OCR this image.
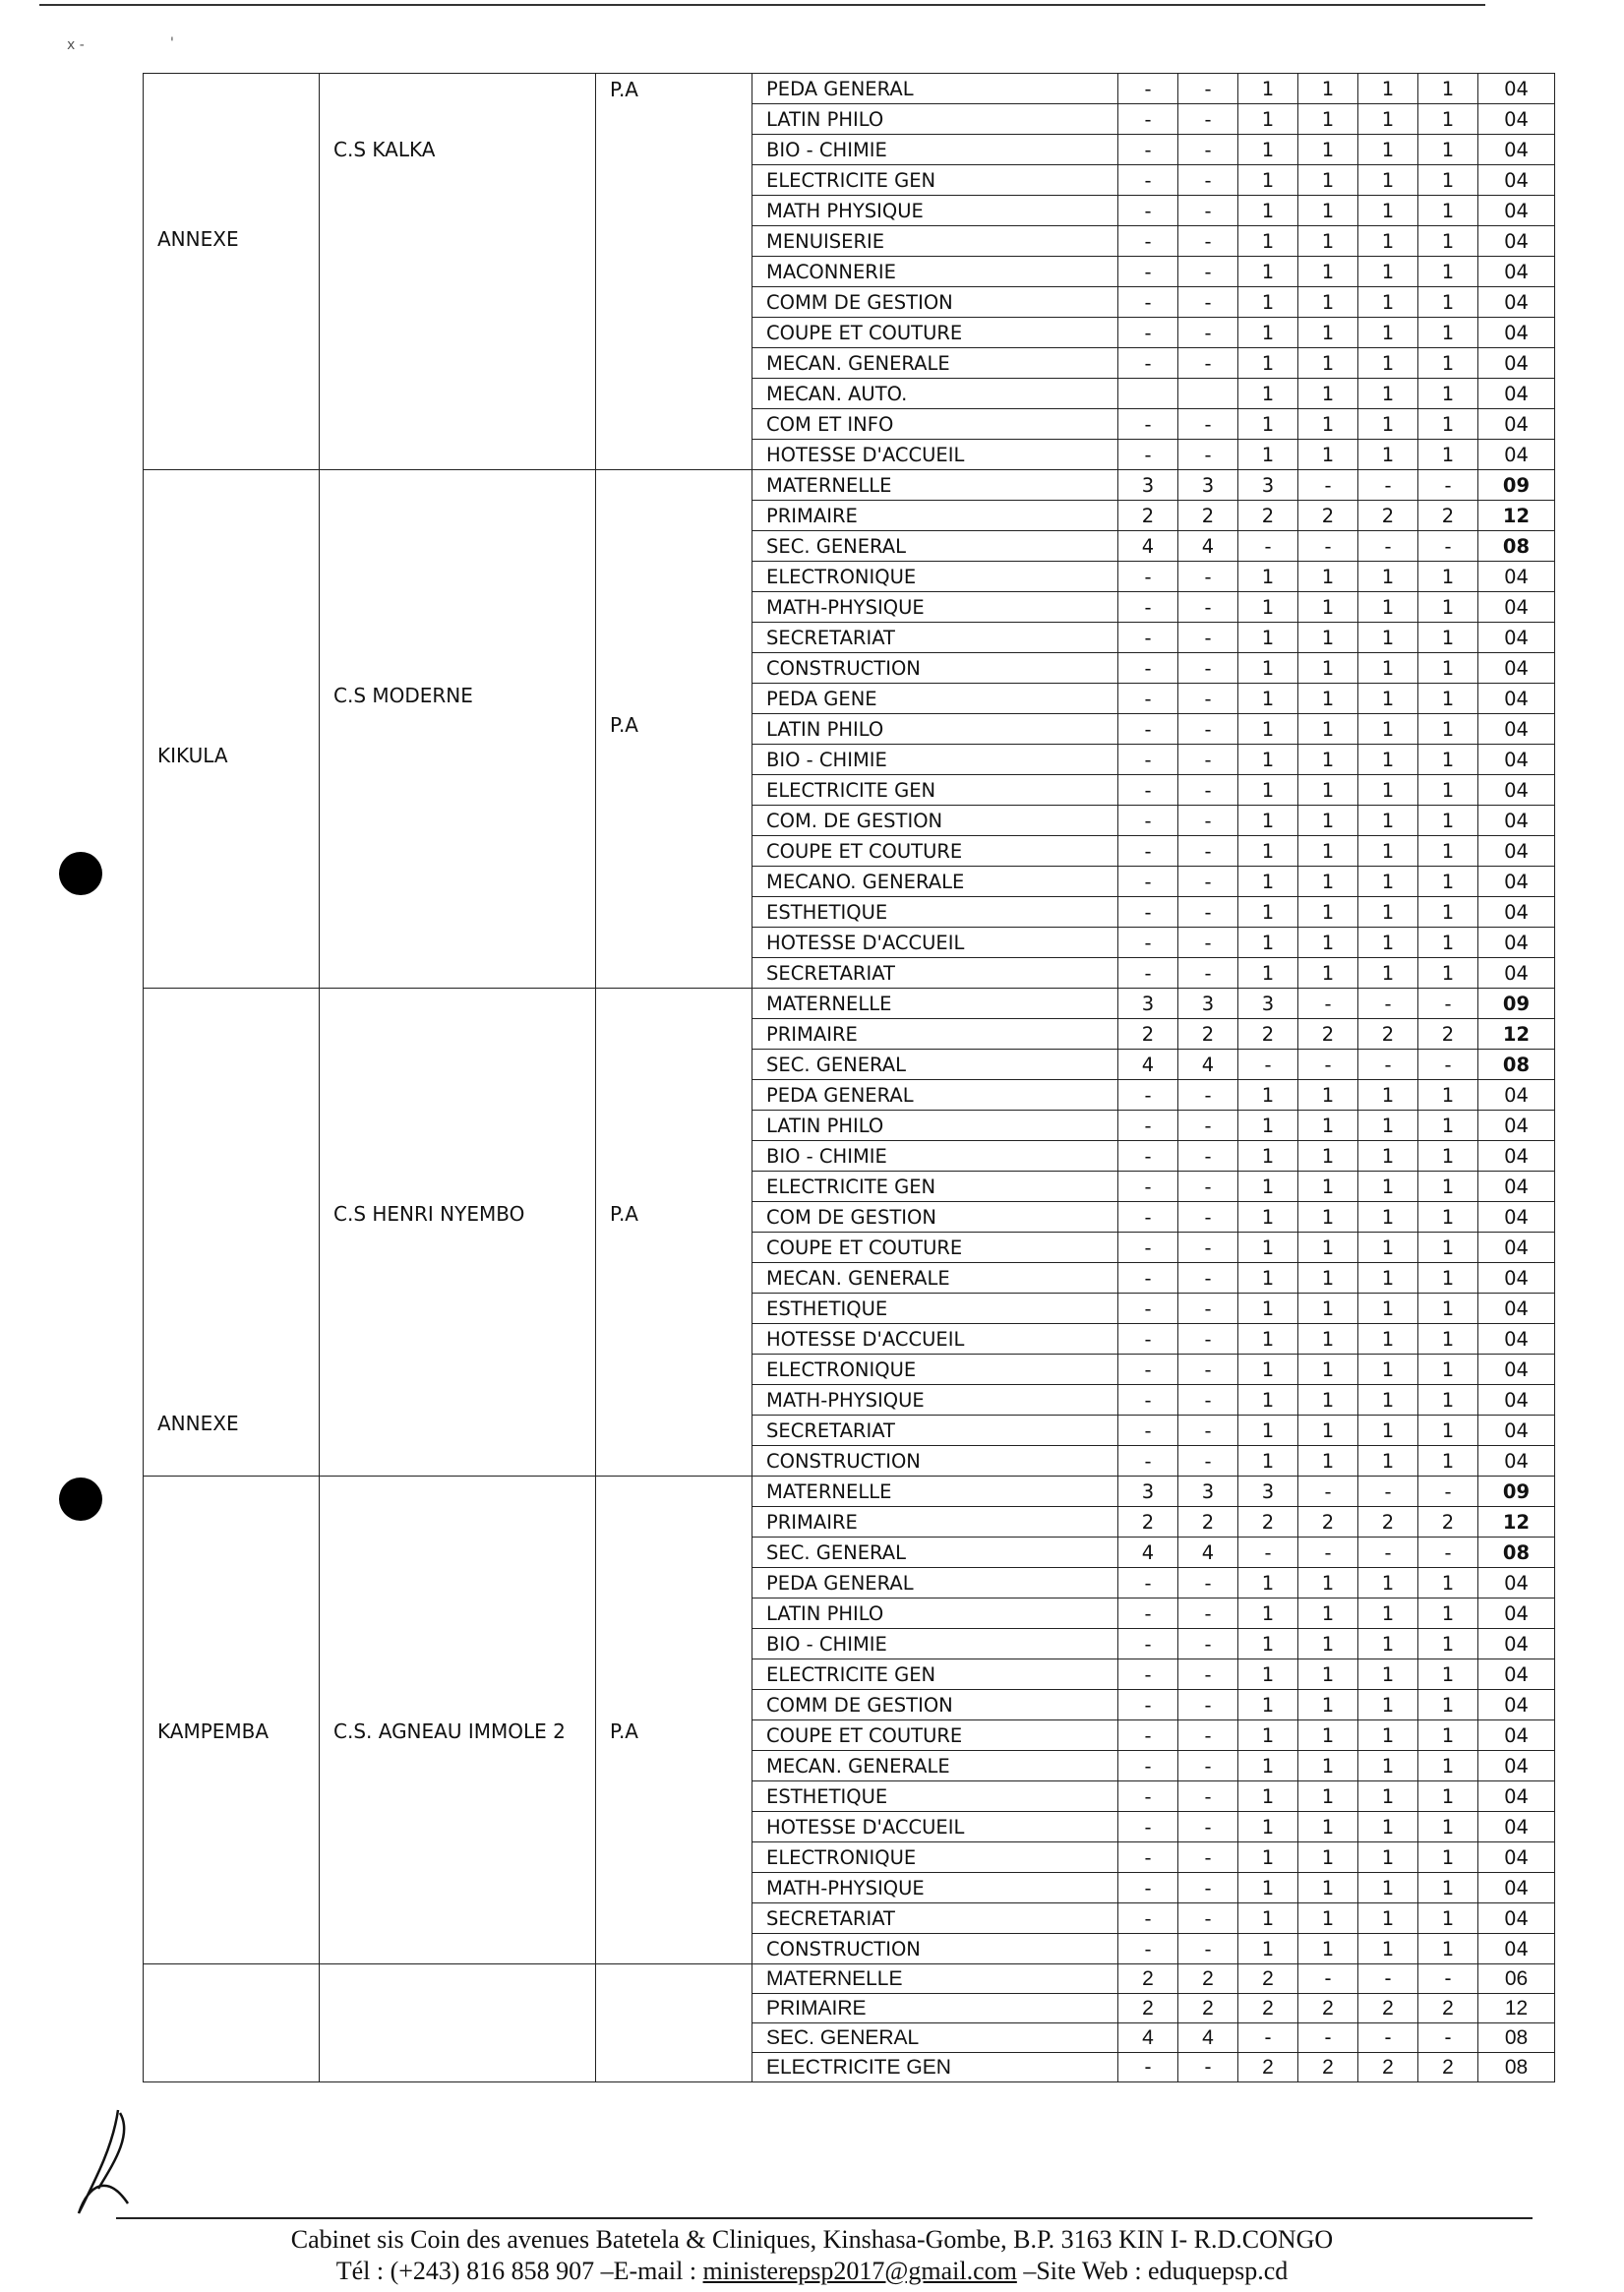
x -	'
ANNEXE	C.S KALKA	P.A	PEDA GENERAL	-	-	1	1	1	1	04
			LATIN PHILO	-	-	1	1	1	1	04
			BIO - CHIMIE	-	-	1	1	1	1	04
			ELECTRICITE GEN	-	-	1	1	1	1	04
			MATH PHYSIQUE	-	-	1	1	1	1	04
			MENUISERIE	-	-	1	1	1	1	04
			MACONNERIE	-	-	1	1	1	1	04
			COMM DE GESTION	-	-	1	1	1	1	04
			COUPE ET COUTURE	-	-	1	1	1	1	04
			MECAN. GENERALE	-	-	1	1	1	1	04
			MECAN. AUTO.			1	1	1	1	04
			COM ET INFO	-	-	1	1	1	1	04
			HOTESSE D'ACCUEIL	-	-	1	1	1	1	04
KIKULA	C.S MODERNE	P.A	MATERNELLE	3	3	3	-	-	-	09
			PRIMAIRE	2	2	2	2	2	2	12
			SEC. GENERAL	4	4	-	-	-	-	08
			ELECTRONIQUE	-	-	1	1	1	1	04
			MATH-PHYSIQUE	-	-	1	1	1	1	04
			SECRETARIAT	-	-	1	1	1	1	04
			CONSTRUCTION	-	-	1	1	1	1	04
			PEDA GENE	-	-	1	1	1	1	04
			LATIN PHILO	-	-	1	1	1	1	04
			BIO - CHIMIE	-	-	1	1	1	1	04
			ELECTRICITE GEN	-	-	1	1	1	1	04
			COM. DE GESTION	-	-	1	1	1	1	04
			COUPE ET COUTURE	-	-	1	1	1	1	04
			MECANO. GENERALE	-	-	1	1	1	1	04
			ESTHETIQUE	-	-	1	1	1	1	04
			HOTESSE D'ACCUEIL	-	-	1	1	1	1	04
			SECRETARIAT	-	-	1	1	1	1	04
ANNEXE	C.S HENRI NYEMBO	P.A	MATERNELLE	3	3	3	-	-	-	09
			PRIMAIRE	2	2	2	2	2	2	12
			SEC. GENERAL	4	4	-	-	-	-	08
			PEDA GENERAL	-	-	1	1	1	1	04
			LATIN PHILO	-	-	1	1	1	1	04
			BIO - CHIMIE	-	-	1	1	1	1	04
			ELECTRICITE GEN	-	-	1	1	1	1	04
			COM DE GESTION	-	-	1	1	1	1	04
			COUPE ET COUTURE	-	-	1	1	1	1	04
			MECAN. GENERALE	-	-	1	1	1	1	04
			ESTHETIQUE	-	-	1	1	1	1	04
			HOTESSE D'ACCUEIL	-	-	1	1	1	1	04
			ELECTRONIQUE	-	-	1	1	1	1	04
			MATH-PHYSIQUE	-	-	1	1	1	1	04
			SECRETARIAT	-	-	1	1	1	1	04
			CONSTRUCTION	-	-	1	1	1	1	04
KAMPEMBA	C.S. AGNEAU IMMOLE 2	P.A	MATERNELLE	3	3	3	-	-	-	09
			PRIMAIRE	2	2	2	2	2	2	12
			SEC. GENERAL	4	4	-	-	-	-	08
			PEDA GENERAL	-	-	1	1	1	1	04
			LATIN PHILO	-	-	1	1	1	1	04
			BIO - CHIMIE	-	-	1	1	1	1	04
			ELECTRICITE GEN	-	-	1	1	1	1	04
			COMM DE GESTION	-	-	1	1	1	1	04
			COUPE ET COUTURE	-	-	1	1	1	1	04
			MECAN. GENERALE	-	-	1	1	1	1	04
			ESTHETIQUE	-	-	1	1	1	1	04
			HOTESSE D'ACCUEIL	-	-	1	1	1	1	04
			ELECTRONIQUE	-	-	1	1	1	1	04
			MATH-PHYSIQUE	-	-	1	1	1	1	04
			SECRETARIAT	-	-	1	1	1	1	04
			CONSTRUCTION	-	-	1	1	1	1	04
			MATERNELLE	2	2	2	-	-	-	06
			PRIMAIRE	2	2	2	2	2	2	12
			SEC. GENERAL	4	4	-	-	-	-	08
			ELECTRICITE GEN	-	-	2	2	2	2	08
Cabinet sis Coin des avenues Batetela & Cliniques, Kinshasa-Gombe, B.P. 3163 KIN I- R.D.CONGO
Tél : (+243) 816 858 907 –E-mail : ministerepsp2017@gmail.com –Site Web : eduquepsp.cd
